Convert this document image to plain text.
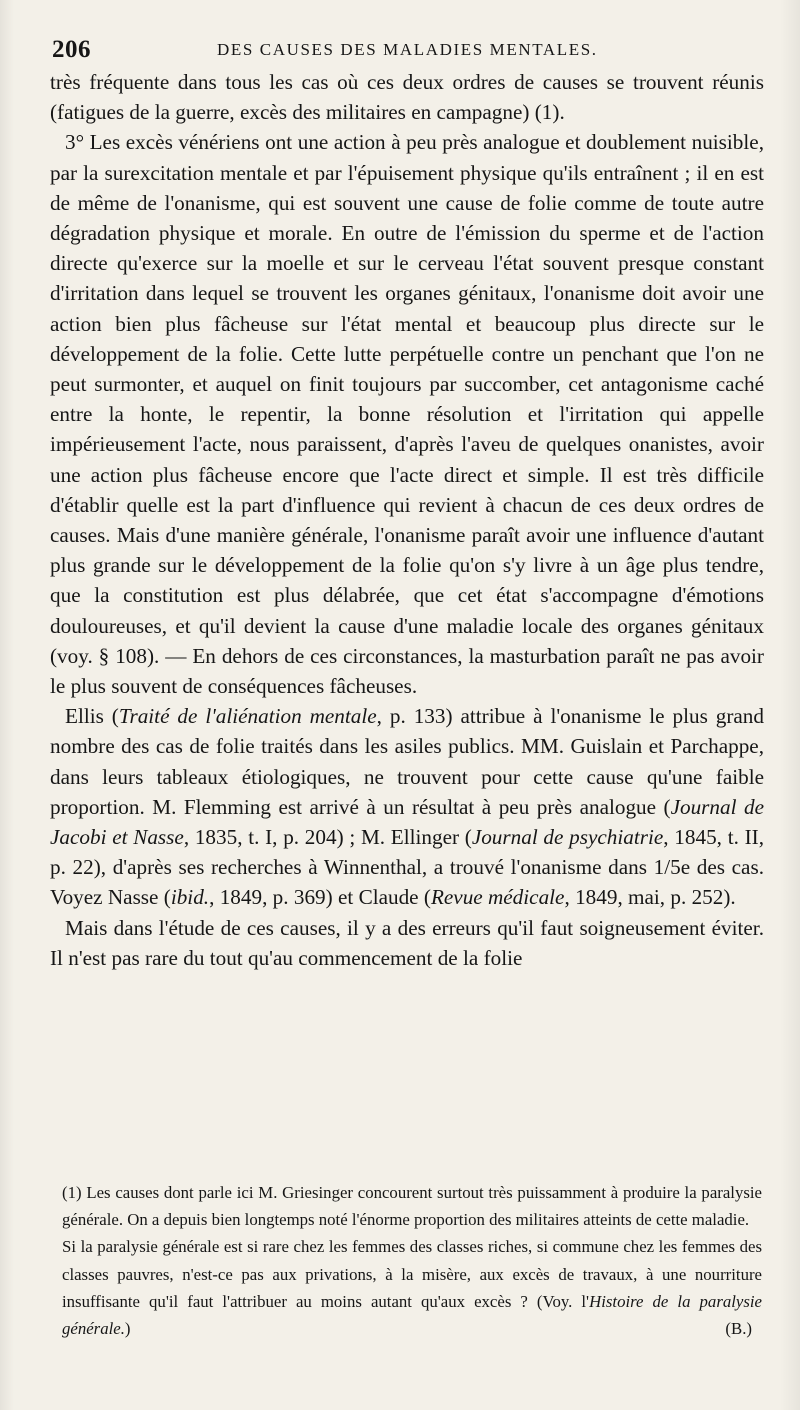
206	DES CAUSES DES MALADIES MENTALES.

très fréquente dans tous les cas où ces deux ordres de causes se trouvent réunis (fatigues de la guerre, excès des militaires en campagne) (1).

3° Les excès vénériens ont une action à peu près analogue et doublement nuisible, par la surexcitation mentale et par l'épuisement physique qu'ils entraînent ; il en est de même de l'onanisme, qui est souvent une cause de folie comme de toute autre dégradation physique et morale. En outre de l'émission du sperme et de l'action directe qu'exerce sur la moelle et sur le cerveau l'état souvent presque constant d'irritation dans lequel se trouvent les organes génitaux, l'onanisme doit avoir une action bien plus fâcheuse sur l'état mental et beaucoup plus directe sur le développement de la folie. Cette lutte perpétuelle contre un penchant que l'on ne peut surmonter, et auquel on finit toujours par succomber, cet antagonisme caché entre la honte, le repentir, la bonne résolution et l'irritation qui appelle impérieusement l'acte, nous paraissent, d'après l'aveu de quelques onanistes, avoir une action plus fâcheuse encore que l'acte direct et simple. Il est très difficile d'établir quelle est la part d'influence qui revient à chacun de ces deux ordres de causes. Mais d'une manière générale, l'onanisme paraît avoir une influence d'autant plus grande sur le développement de la folie qu'on s'y livre à un âge plus tendre, que la constitution est plus délabrée, que cet état s'accompagne d'émotions douloureuses, et qu'il devient la cause d'une maladie locale des organes génitaux (voy. § 108). — En dehors de ces circonstances, la masturbation paraît ne pas avoir le plus souvent de conséquences fâcheuses.

Ellis (Traité de l'aliénation mentale, p. 133) attribue à l'onanisme le plus grand nombre des cas de folie traités dans les asiles publics. MM. Guislain et Parchappe, dans leurs tableaux étiologiques, ne trouvent pour cette cause qu'une faible proportion. M. Flemming est arrivé à un résultat à peu près analogue (Journal de Jacobi et Nasse, 1835, t. I, p. 204) ; M. Ellinger (Journal de psychiatrie, 1845, t. II, p. 22), d'après ses recherches à Winnenthal, a trouvé l'onanisme dans 1/5e des cas. Voyez Nasse (ibid., 1849, p. 369) et Claude (Revue médicale, 1849, mai, p. 252).

Mais dans l'étude de ces causes, il y a des erreurs qu'il faut soigneusement éviter. Il n'est pas rare du tout qu'au commencement de la folie

(1) Les causes dont parle ici M. Griesinger concourent surtout très puissamment à produire la paralysie générale. On a depuis bien longtemps noté l'énorme proportion des militaires atteints de cette maladie.

Si la paralysie générale est si rare chez les femmes des classes riches, si commune chez les femmes des classes pauvres, n'est-ce pas aux privations, à la misère, aux excès de travaux, à une nourriture insuffisante qu'il faut l'attribuer au moins autant qu'aux excès ? (Voy. l'Histoire de la paralysie générale.)	(B.)
